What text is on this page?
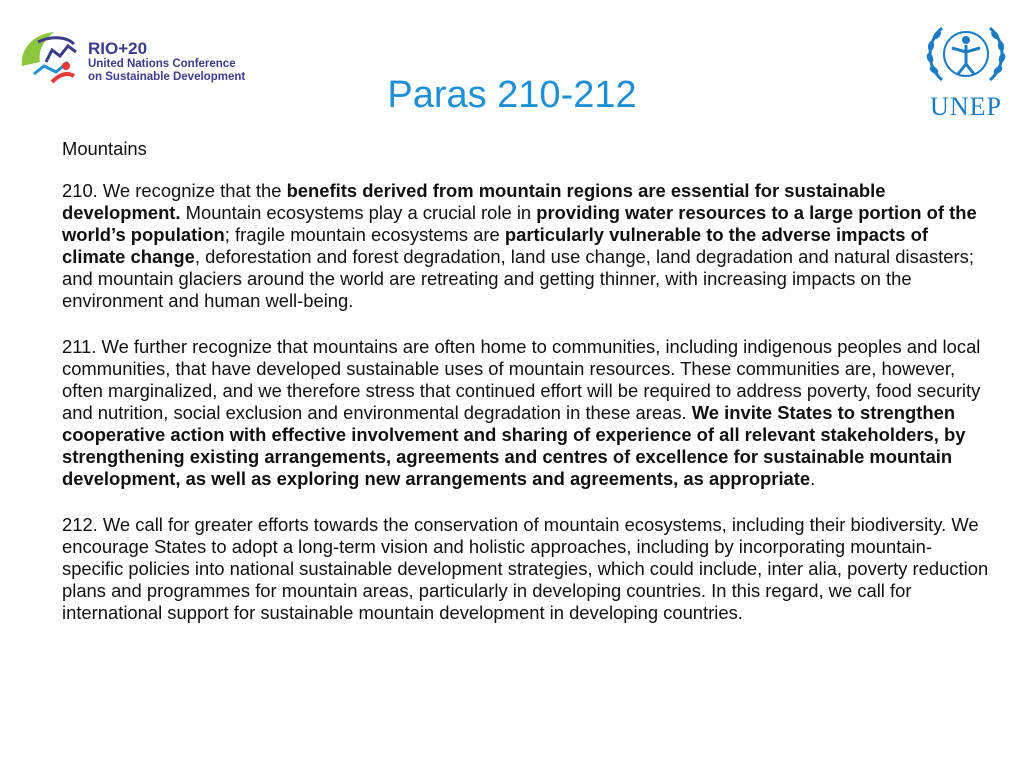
RIO+20
United Nations Conference
on Sustainable Development	Paras 210-212	UNEP

Mountains

210. We recognize that the benefits derived from mountain regions are essential for sustainable development. Mountain ecosystems play a crucial role in providing water resources to a large portion of the world’s population; fragile mountain ecosystems are particularly vulnerable to the adverse impacts of climate change, deforestation and forest degradation, land use change, land degradation and natural disasters; and mountain glaciers around the world are retreating and getting thinner, with increasing impacts on the environment and human well-being.

211. We further recognize that mountains are often home to communities, including indigenous peoples and local communities, that have developed sustainable uses of mountain resources. These communities are, however, often marginalized, and we therefore stress that continued effort will be required to address poverty, food security and nutrition, social exclusion and environmental degradation in these areas. We invite States to strengthen cooperative action with effective involvement and sharing of experience of all relevant stakeholders, by strengthening existing arrangements, agreements and centres of excellence for sustainable mountain development, as well as exploring new arrangements and agreements, as appropriate.

212. We call for greater efforts towards the conservation of mountain ecosystems, including their biodiversity. We encourage States to adopt a long-term vision and holistic approaches, including by incorporating mountain-specific policies into national sustainable development strategies, which could include, inter alia, poverty reduction plans and programmes for mountain areas, particularly in developing countries. In this regard, we call for international support for sustainable mountain development in developing countries.
